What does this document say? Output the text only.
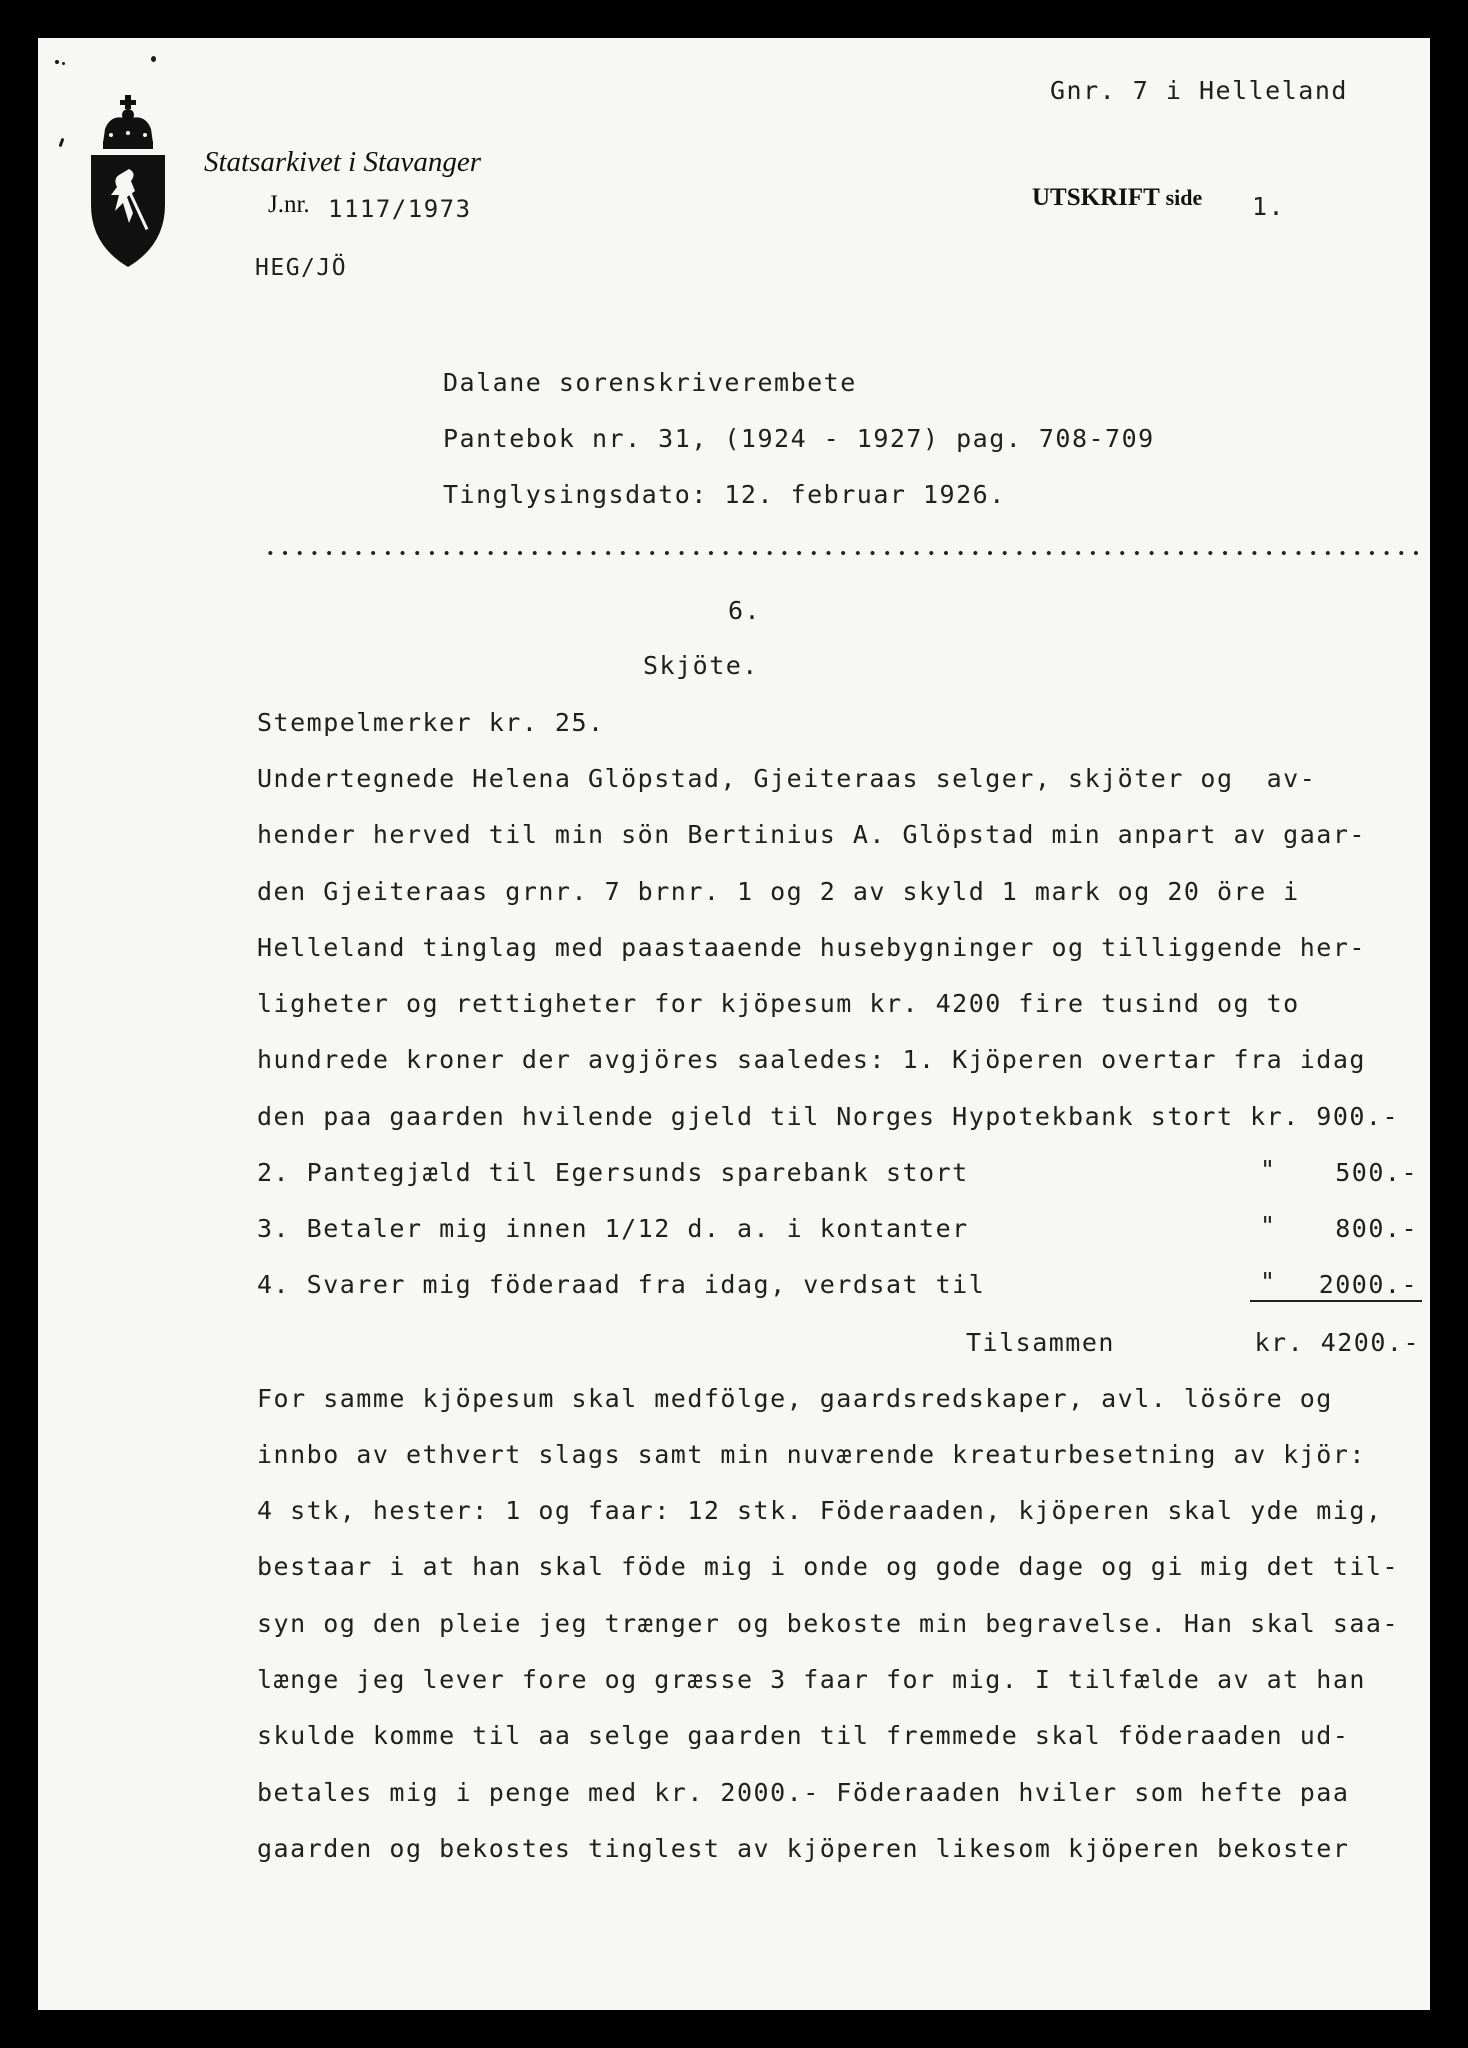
Statsarkivet i Stavanger
J.nr. 1117/1973
HEG/JÖ
Gnr. 7 i Helleland
UTSKRIFT side 1.
Dalane sorenskriverembete
Pantebok nr. 31, (1924 - 1927) pag. 708-709
Tinglysingsdato: 12. februar 1926.
6.
Skjöte.
Stempelmerker kr. 25.
Undertegnede Helena Glöpstad, Gjeiteraas selger, skjöter og  av-
hender herved til min sön Bertinius A. Glöpstad min anpart av gaar-
den Gjeiteraas grnr. 7 brnr. 1 og 2 av skyld 1 mark og 20 öre i
Helleland tinglag med paastaaende husebygninger og tilliggende her-
ligheter og rettigheter for kjöpesum kr. 4200 fire tusind og to
hundrede kroner der avgjöres saaledes: 1. Kjöperen overtar fra idag
den paa gaarden hvilende gjeld til Norges Hypotekbank stort kr. 900.-
2. Pantegjæld til Egersunds sparebank stort	"	500.-
3. Betaler mig innen 1/12 d. a. i kontanter	"	800.-
4. Svarer mig föderaad fra idag, verdsat til	"	2000.-
Tilsammen	kr. 4200.-
For samme kjöpesum skal medfölge, gaardsredskaper, avl. lösöre og
innbo av ethvert slags samt min nuværende kreaturbesetning av kjör:
4 stk, hester: 1 og faar: 12 stk. Föderaaden, kjöperen skal yde mig,
bestaar i at han skal föde mig i onde og gode dage og gi mig det til-
syn og den pleie jeg trænger og bekoste min begravelse. Han skal saa-
længe jeg lever fore og græsse 3 faar for mig. I tilfælde av at han
skulde komme til aa selge gaarden til fremmede skal föderaaden ud-
betales mig i penge med kr. 2000.- Föderaaden hviler som hefte paa
gaarden og bekostes tinglest av kjöperen likesom kjöperen bekoster
